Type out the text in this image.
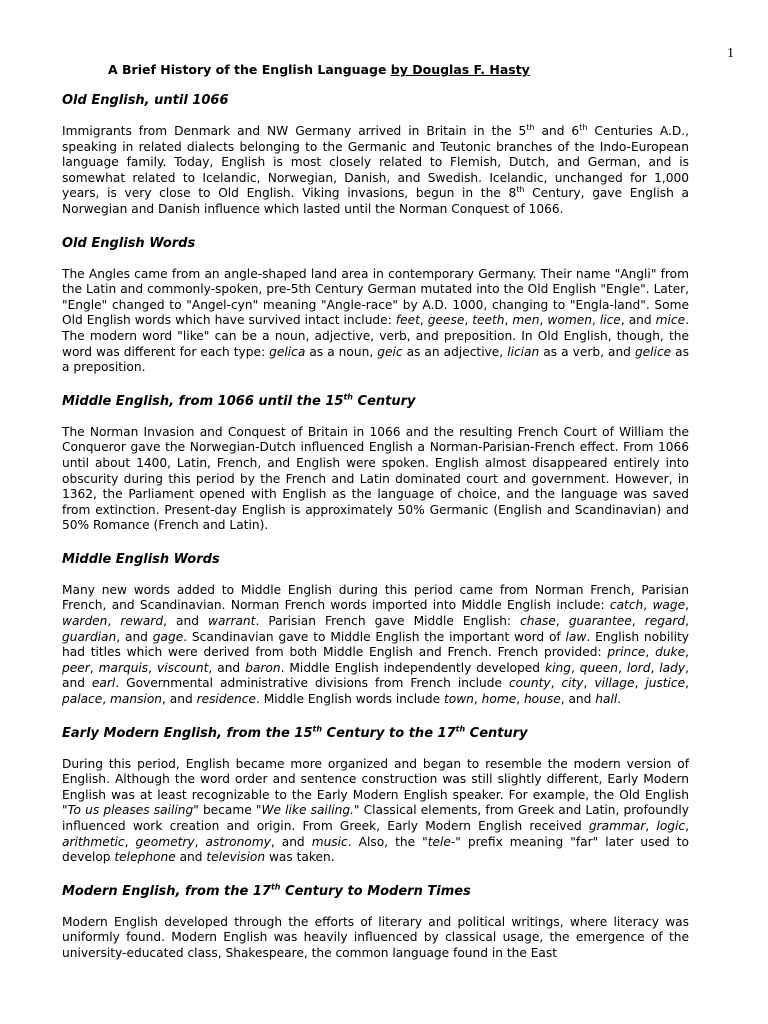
1
A Brief History of the English Language by Douglas F. Hasty
Old English, until 1066

Immigrants from Denmark and NW Germany arrived in Britain in the 5th and 6th Centuries A.D., speaking in related dialects belonging to the Germanic and Teutonic branches of the Indo-European language family. Today, English is most closely related to Flemish, Dutch, and German, and is somewhat related to Icelandic, Norwegian, Danish, and Swedish. Icelandic, unchanged for 1,000 years, is very close to Old English. Viking invasions, begun in the 8th Century, gave English a Norwegian and Danish influence which lasted until the Norman Conquest of 1066.

Old English Words

The Angles came from an angle-shaped land area in contemporary Germany. Their name "Angli" from the Latin and commonly-spoken, pre-5th Century German mutated into the Old English "Engle". Later, "Engle" changed to "Angel-cyn" meaning "Angle-race" by A.D. 1000, changing to "Engla-land". Some Old English words which have survived intact include: feet, geese, teeth, men, women, lice, and mice. The modern word "like" can be a noun, adjective, verb, and preposition. In Old English, though, the word was different for each type: gelica as a noun, geic as an adjective, lician as a verb, and gelice as a preposition.

Middle English, from 1066 until the 15th Century

The Norman Invasion and Conquest of Britain in 1066 and the resulting French Court of William the Conqueror gave the Norwegian-Dutch influenced English a Norman-Parisian-French effect. From 1066 until about 1400, Latin, French, and English were spoken. English almost disappeared entirely into obscurity during this period by the French and Latin dominated court and government. However, in 1362, the Parliament opened with English as the language of choice, and the language was saved from extinction. Present-day English is approximately 50% Germanic (English and Scandinavian) and 50% Romance (French and Latin).

Middle English Words

Many new words added to Middle English during this period came from Norman French, Parisian French, and Scandinavian. Norman French words imported into Middle English include: catch, wage, warden, reward, and warrant. Parisian French gave Middle English: chase, guarantee, regard, guardian, and gage. Scandinavian gave to Middle English the important word of law. English nobility had titles which were derived from both Middle English and French. French provided: prince, duke, peer, marquis, viscount, and baron. Middle English independently developed king, queen, lord, lady, and earl. Governmental administrative divisions from French include county, city, village, justice, palace, mansion, and residence. Middle English words include town, home, house, and hall.

Early Modern English, from the 15th Century to the 17th Century

During this period, English became more organized and began to resemble the modern version of English. Although the word order and sentence construction was still slightly different, Early Modern English was at least recognizable to the Early Modern English speaker. For example, the Old English "To us pleases sailing" became "We like sailing." Classical elements, from Greek and Latin, profoundly influenced work creation and origin. From Greek, Early Modern English received grammar, logic, arithmetic, geometry, astronomy, and music. Also, the "tele-" prefix meaning "far" later used to develop telephone and television was taken.

Modern English, from the 17th Century to Modern Times

Modern English developed through the efforts of literary and political writings, where literacy was uniformly found. Modern English was heavily influenced by classical usage, the emergence of the university-educated class, Shakespeare, the common language found in the East
